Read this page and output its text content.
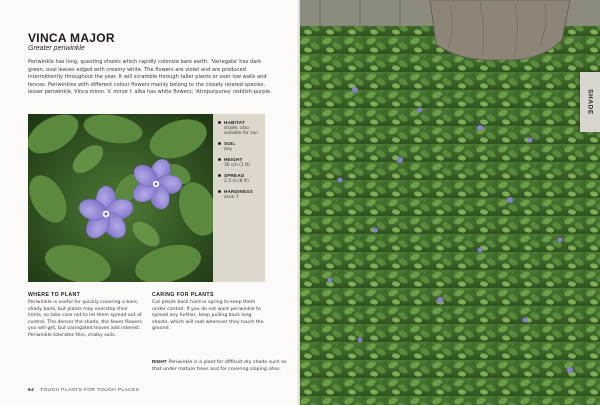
VINCA MAJOR

Greater periwinkle

Periwinkle has long, questing shoots which rapidly colonize bare earth. 'Variegata' has dark green, oval leaves edged with creamy white. The flowers are violet and are produced intermittently throughout the year. It will scramble through taller plants or over low walls and fences. Periwinkles with different colour flowers mainly belong to the closely related species, lesser periwinkle, Vinca minor. V. minor f. alba has white flowers; 'Atropurpurea' reddish-purple.

HABITAT
shade, also suitable for sun
SOIL
any
HEIGHT
30 cm (1 ft)
SPREAD
2.5 m (8 ft)
HARDINESS
zone 7
WHERE TO PLANT

Periwinkle is useful for quickly covering a bare, shady bank, but plants may overstep their limits, so take care not to let them spread out of control. The denser the shade, the fewer flowers you will get, but variegated leaves add interest. Periwinkle tolerates thin, chalky soils.

CARING FOR PLANTS

Cut plants back hard in spring to keep them under control. If you do not want periwinkle to spread any further, keep pulling back long shoots, which will root wherever they touch the ground.

RIGHT Periwinkle is a plant for difficult dry shade such as that under mature trees and for covering sloping sites.

64 TOUGH PLANTS FOR TOUGH PLACES

SHADE
